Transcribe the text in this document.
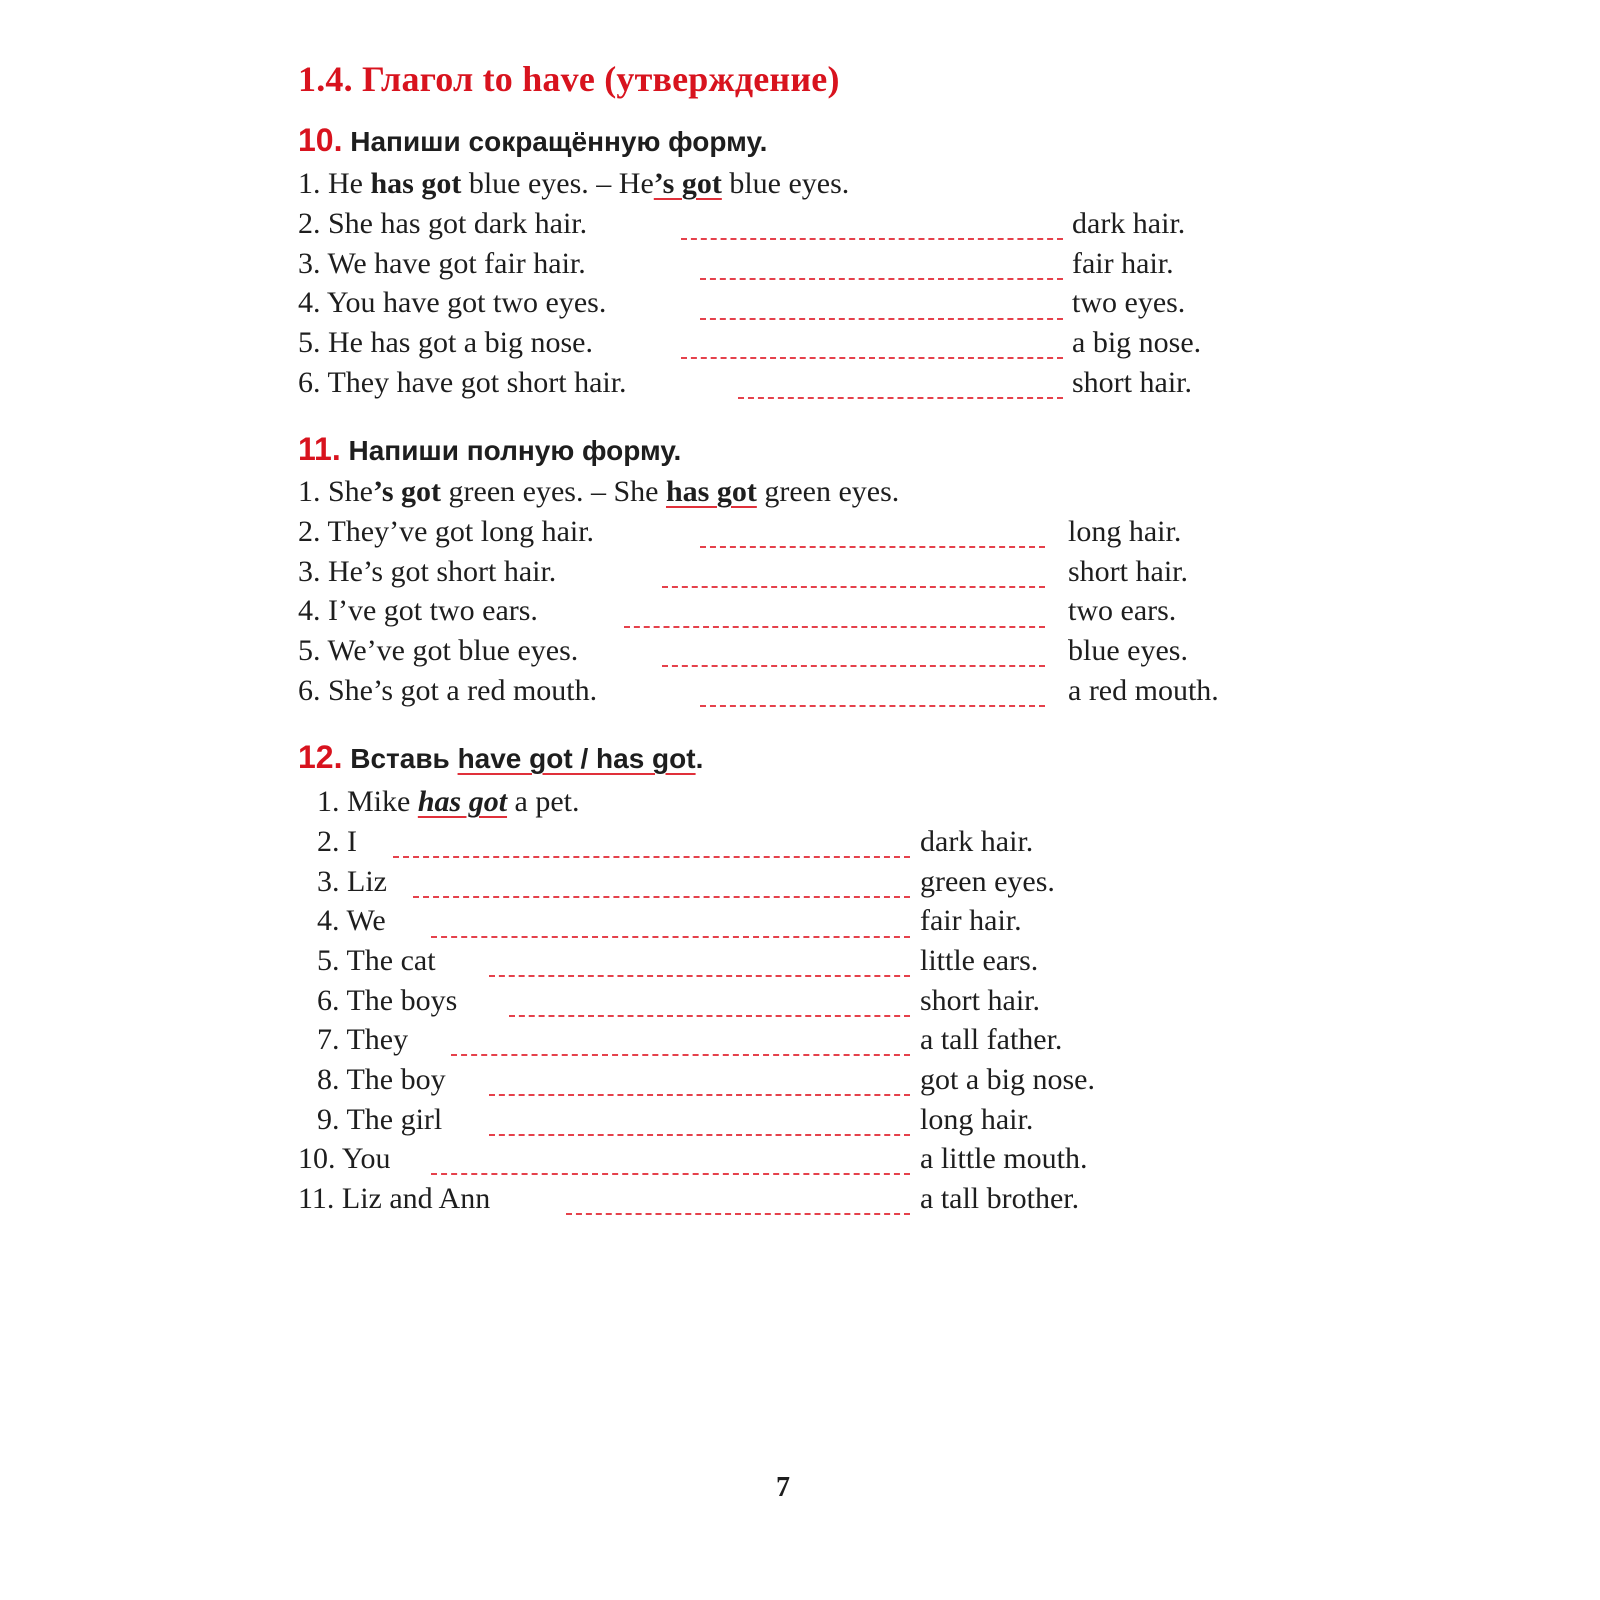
1.4. Глагол to have (утверждение)
10. Напиши сокращённую форму.
1. He has got blue eyes. – He’s got blue eyes.
2. She has got dark hair.	dark hair.
3. We have got fair hair.	fair hair.
4. You have got two eyes.	two eyes.
5. He has got a big nose.	a big nose.
6. They have got short hair.	short hair.
11. Напиши полную форму.
1. She’s got green eyes. – She has got green eyes.
2. They’ve got long hair.	long hair.
3. He’s got short hair.	short hair.
4. I’ve got two ears.	two ears.
5. We’ve got blue eyes.	blue eyes.
6. She’s got a red mouth.	a red mouth.
12. Вставь have got / has got.
1. Mike has got a pet.
2. I	dark hair.
3. Liz	green eyes.
4. We	fair hair.
5. The cat	little ears.
6. The boys	short hair.
7. They	a tall father.
8. The boy	got a big nose.
9. The girl	long hair.
10. You	a little mouth.
11. Liz and Ann	a tall brother.
7
